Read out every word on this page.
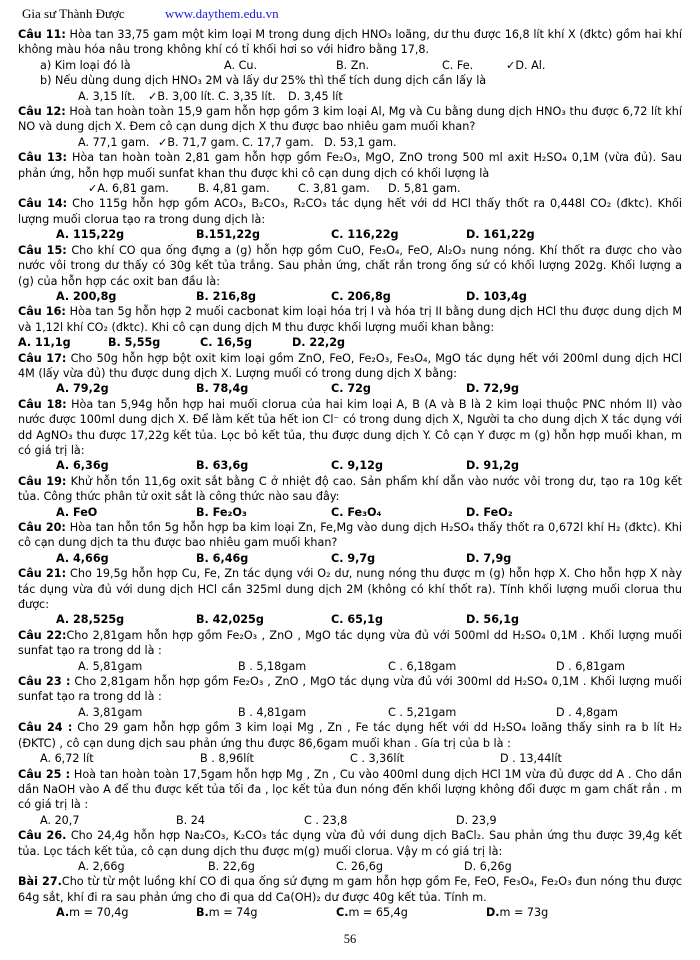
Gia sư Thành Được	www.daythem.edu.vn

Câu 11: Hòa tan 33,75 gam một kim loại M trong dung dịch HNO₃ loãng, dư thu được 16,8 lít khí X (đktc) gồm hai khí không màu hóa nâu trong không khí có tỉ khối hơi so với hiđro bằng 17,8.

a) Kim loại đó là	A. Cu.	B. Zn.	C. Fe.	✓D. Al.

b) Nếu dùng dung dịch HNO₃ 2M và lấy dư 25% thì thể tích dung dịch cần lấy là

A. 3,15 lít.	✓B. 3,00 lít. C. 3,35 lít.	D. 3,45 lít

Câu 12: Hoà tan hoàn toàn 15,9 gam hỗn hợp gồm 3 kim loại Al, Mg và Cu bằng dung dịch HNO₃ thu được 6,72 lít khí NO và dung dịch X. Đem cô cạn dung dịch X thu được bao nhiêu gam muối khan?

A. 77,1 gam. ✓B. 71,7 gam. C. 17,7 gam. D. 53,1 gam.

Câu 13: Hòa tan hoàn toàn 2,81 gam hỗn hợp gồm Fe₂O₃, MgO, ZnO trong 500 ml axit H₂SO₄ 0,1M (vừa đủ). Sau phản ứng, hỗn hợp muối sunfat khan thu được khi cô cạn dung dịch có khối lượng là

✓A. 6,81 gam.	B. 4,81 gam.	C. 3,81 gam.	D. 5,81 gam.

Câu 14: Cho 115g hỗn hợp gồm ACO₃, B₂CO₃, R₂CO₃ tác dụng hết với dd HCl thấy thốt ra 0,448l CO₂ (đktc). Khối lượng muối clorua tạo ra trong dung dịch là:

A. 115,22g	B.151,22g	C. 116,22g	D. 161,22g

Câu 15: Cho khí CO qua ống đựng a (g) hỗn hợp gồm CuO, Fe₃O₄, FeO, Al₂O₃ nung nóng. Khí thốt ra được cho vào nước vôi trong dư thấy có 30g kết tủa trắng. Sau phản ứng, chất rắn trong ống sứ có khối lượng 202g. Khối lượng a (g) của hỗn hợp các oxit ban đầu là:

A. 200,8g	B. 216,8g	C. 206,8g	D. 103,4g

Câu 16: Hòa tan 5g hỗn hợp 2 muối cacbonat kim loại hóa trị I và hóa trị II bằng dung dịch HCl thu được dung dịch M và 1,12l khí CO₂ (đktc). Khi cô cạn dung dịch M thu được khối lượng muối khan bằng:

A. 11,1g	B. 5,55g	C. 16,5g	D. 22,2g

Câu 17: Cho 50g hỗn hợp bột oxit kim loại gồm ZnO, FeO, Fe₂O₃, Fe₃O₄, MgO tác dụng hết với 200ml dung dịch HCl 4M (lấy vừa đủ) thu được dung dịch X. Lượng muối có trong dung dịch X bằng:

A. 79,2g	B. 78,4g	C. 72g	D. 72,9g

Câu 18: Hòa tan 5,94g hỗn hợp hai muối clorua của hai kim loại A, B (A và B là 2 kim loại thuộc PNC nhóm II) vào nước được 100ml dung dịch X. Để làm kết tủa hết ion Cl⁻ có trong dung dịch X, Người ta cho dung dịch X tác dụng với dd AgNO₃ thu được 17,22g kết tủa. Lọc bỏ kết tủa, thu được dung dịch Y. Cô cạn Y được m (g) hỗn hợp muối khan, m có giá trị là:

A. 6,36g	B. 63,6g	C. 9,12g	D. 91,2g

Câu 19: Khử hỗn tồn 11,6g oxit sắt bằng C ở nhiệt độ cao. Sản phẩm khí dẫn vào nước vôi trong dư, tạo ra 10g kết tủa. Công thức phân tử oxit sắt là công thức nào sau đây:

A. FeO	B. Fe₂O₃	C. Fe₃O₄	D. FeO₂

Câu 20: Hòa tan hỗn tồn 5g hỗn hợp ba kim loại Zn, Fe,Mg vào dung dịch H₂SO₄ thấy thốt ra 0,672l khí H₂ (đktc). Khi cô cạn dung dịch ta thu được bao nhiêu gam muối khan?

A. 4,66g	B. 6,46g	C. 9,7g	D. 7,9g

Câu 21: Cho 19,5g hỗn hợp Cu, Fe, Zn tác dụng với O₂ dư, nung nóng thu được m (g) hỗn hợp X. Cho hỗn hợp X này tác dụng vừa đủ với dung dịch HCl cần 325ml dung dịch 2M (không có khí thốt ra). Tính khối lượng muối clorua thu được:

A. 28,525g	B. 42,025g	C. 65,1g	D. 56,1g

Câu 22:Cho 2,81gam hỗn hợp gồm Fe₂O₃ , ZnO , MgO tác dụng vừa đủ với 500ml dd H₂SO₄ 0,1M . Khối lượng muối sunfat tạo ra trong dd là :

A. 5,81gam	B . 5,18gam	C . 6,18gam	D . 6,81gam

Câu 23 : Cho 2,81gam hỗn hợp gồm Fe₂O₃ , ZnO , MgO tác dụng vừa đủ với 300ml dd H₂SO₄ 0,1M . Khối lượng muối sunfat tạo ra trong dd là :

A. 3,81gam	B . 4,81gam	C . 5,21gam	D . 4,8gam

Câu 24 : Cho 29 gam hỗn hợp gồm 3 kim loại Mg , Zn , Fe tác dụng hết với dd H₂SO₄ loãng thấy sinh ra b lít H₂ (ĐKTC) , cô cạn dung dịch sau phản ứng thu được 86,6gam muối khan . Gía trị của b là :

A. 6,72 lít	B . 8,96lít	C . 3,36lít	D . 13,44lít

Câu 25 : Hoà tan hoàn toàn 17,5gam hỗn hợp Mg , Zn , Cu vào 400ml dung dịch HCl 1M vừa đủ được dd A . Cho dần dần NaOH vào A để thu được kết tủa tối đa , lọc kết tủa đun nóng đến khối lượng không đổi được m gam chất rắn . m có giá trị là :

A. 20,7	B. 24	C . 23,8	D. 23,9

Câu 26. Cho 24,4g hỗn hợp Na₂CO₃, K₂CO₃ tác dụng vừa đủ với dung dịch BaCl₂. Sau phản ứng thu được 39,4g kết tủa. Lọc tách kết tủa, cô cạn dung dịch thu được m(g) muối clorua. Vậy m có giá trị là:

A. 2,66g	B. 22,6g	C. 26,6g	D. 6,26g

Bài 27.Cho từ từ một luồng khí CO đi qua ống sứ đựng m gam hỗn hợp gồm Fe, FeO, Fe₃O₄, Fe₂O₃ đun nóng thu được 64g sắt, khí đi ra sau phản ứng cho đi qua dd Ca(OH)₂ dư được 40g kết tủa. Tính m.

A.m = 70,4g	B.m = 74g	C.m = 65,4g	D.m = 73g

56
